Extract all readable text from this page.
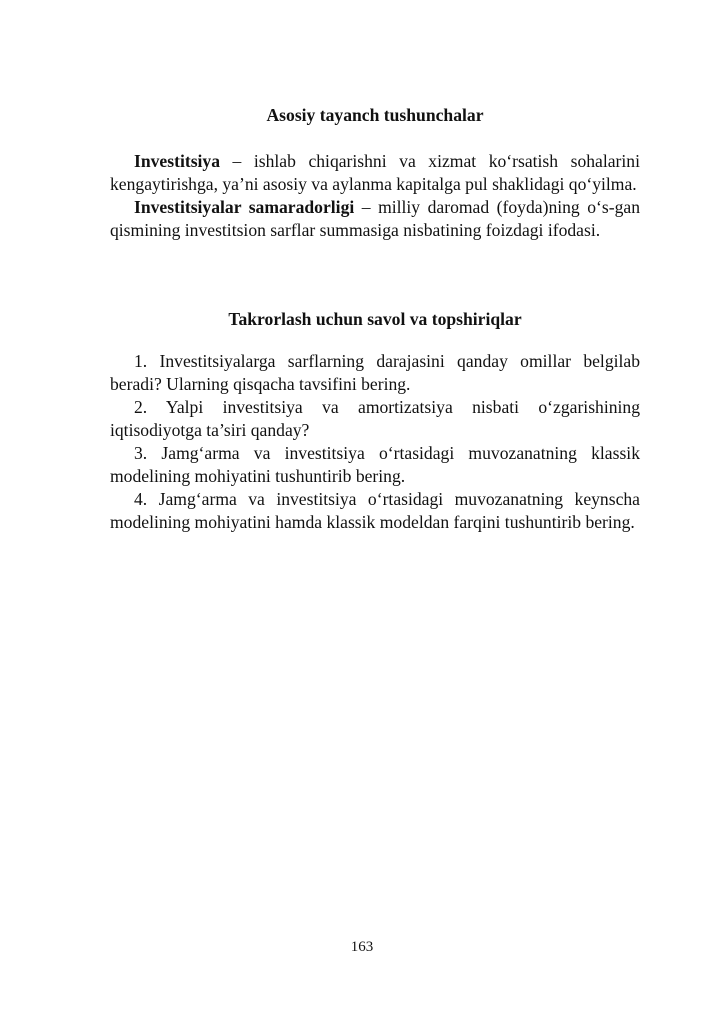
Asosiy tayanch tushunchalar

Investitsiya – ishlab chiqarishni va xizmat ko‘rsatish sohalarini kengaytirishga, ya’ni asosiy va aylanma kapitalga pul shaklidagi qo‘yilma.

Investitsiyalar samaradorligi – milliy daromad (foyda)ning o‘s-gan qismining investitsion sarflar summasiga nisbatining foizdagi ifodasi.

Takrorlash uchun savol va topshiriqlar

1. Investitsiyalarga sarflarning darajasini qanday omillar belgilab beradi? Ularning qisqacha tavsifini bering.

2. Yalpi investitsiya va amortizatsiya nisbati o‘zgarishining iqtisodiyotga ta’siri qanday?

3. Jamg‘arma va investitsiya o‘rtasidagi muvozanatning klassik modelining mohiyatini tushuntirib bering.

4. Jamg‘arma va investitsiya o‘rtasidagi muvozanatning keynscha modelining mohiyatini hamda klassik modeldan farqini tushuntirib bering.

163
